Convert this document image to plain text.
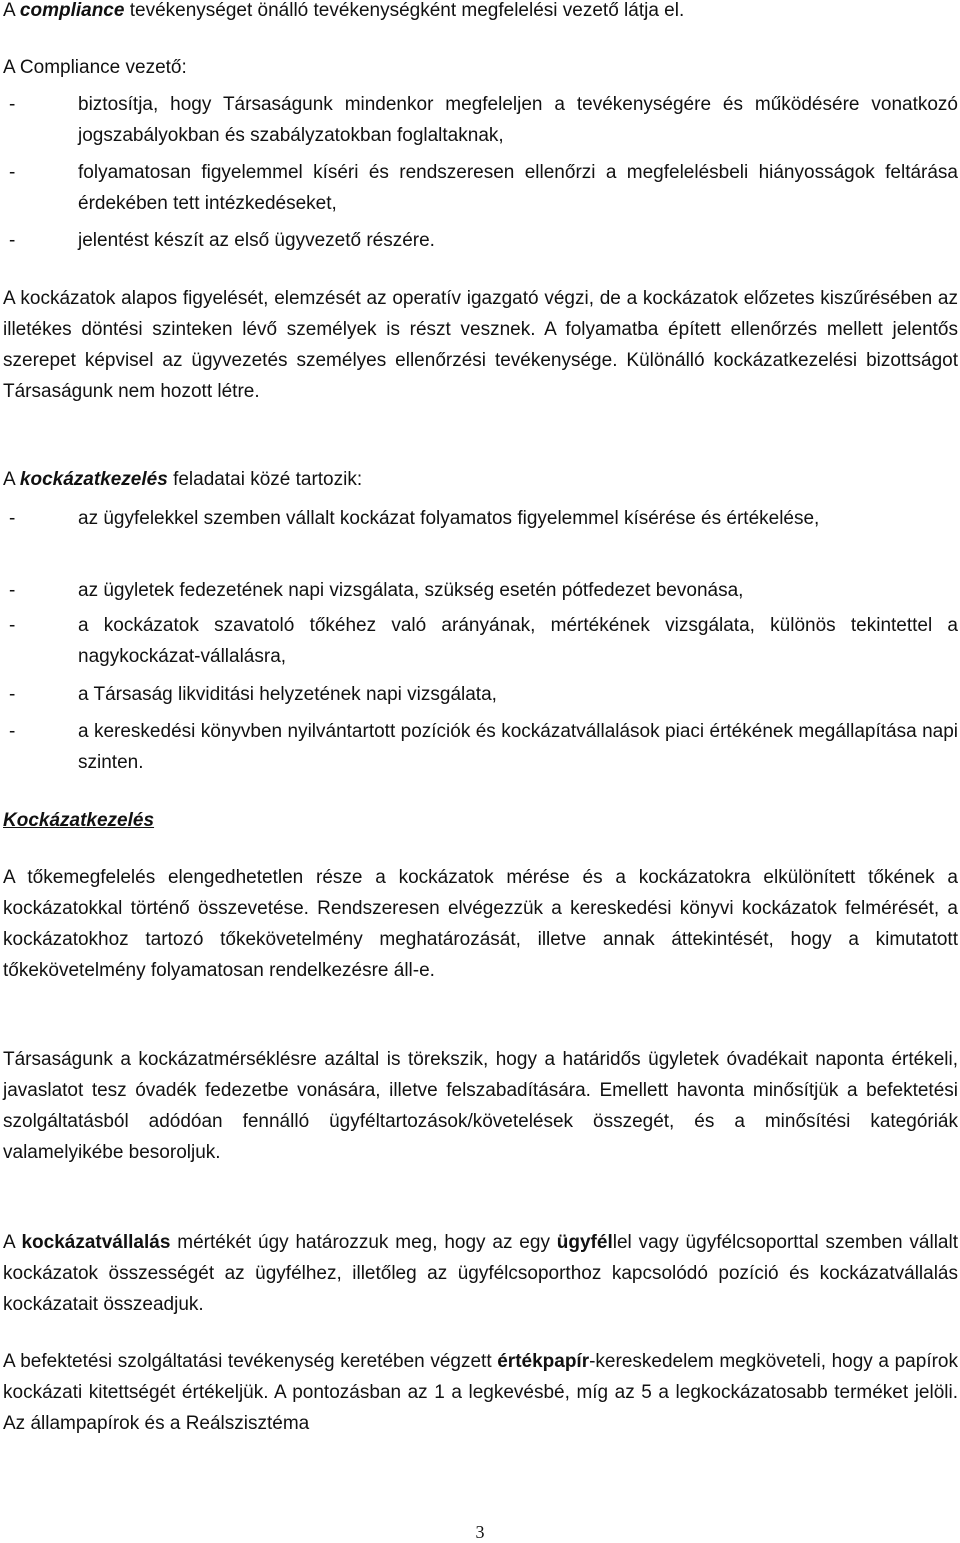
A compliance tevékenységet önálló tevékenységként megfelelési vezető látja el.

A Compliance vezető:

-	biztosítja, hogy Társaságunk mindenkor megfeleljen a tevékenységére és működésére vonatkozó jogszabályokban és szabályzatokban foglaltaknak,
-	folyamatosan figyelemmel kíséri és rendszeresen ellenőrzi a megfelelésbeli hiányosságok feltárása érdekében tett intézkedéseket,
-	jelentést készít az első ügyvezető részére.

A kockázatok alapos figyelését, elemzését az operatív igazgató végzi, de a kockázatok előzetes kiszűrésében az illetékes döntési szinteken lévő személyek is részt vesznek. A folyamatba épített ellenőrzés mellett jelentős szerepet képvisel az ügyvezetés személyes ellenőrzési tevékenysége. Különálló kockázatkezelési bizottságot Társaságunk nem hozott létre.

A kockázatkezelés feladatai közé tartozik:

-	az ügyfelekkel szemben vállalt kockázat folyamatos figyelemmel kísérése és értékelése,
-	az ügyletek fedezetének napi vizsgálata, szükség esetén pótfedezet bevonása,
-	a kockázatok szavatoló tőkéhez való arányának, mértékének vizsgálata, különös tekintettel a nagykockázat-vállalásra,
-	a Társaság likviditási helyzetének napi vizsgálata,
-	a kereskedési könyvben nyilvántartott pozíciók és kockázatvállalások piaci értékének megállapítása napi szinten.

Kockázatkezelés

A tőkemegfelelés elengedhetetlen része a kockázatok mérése és a kockázatokra elkülönített tőkének a kockázatokkal történő összevetése. Rendszeresen elvégezzük a kereskedési könyvi kockázatok felmérését, a kockázatokhoz tartozó tőkekövetelmény meghatározását, illetve annak áttekintését, hogy a kimutatott tőkekövetelmény folyamatosan rendelkezésre áll-e.

Társaságunk a kockázatmérséklésre azáltal is törekszik, hogy a határidős ügyletek óvadékait naponta értékeli, javaslatot tesz óvadék fedezetbe vonására, illetve felszabadítására. Emellett havonta minősítjük a befektetési szolgáltatásból adódóan fennálló ügyféltartozások/követelések összegét, és a minősítési kategóriák valamelyikébe besoroljuk.

A kockázatvállalás mértékét úgy határozzuk meg, hogy az egy ügyféllel vagy ügyfélcsoporttal szemben vállalt kockázatok összességét az ügyfélhez, illetőleg az ügyfélcsoporthoz kapcsolódó pozíció és kockázatvállalás kockázatait összeadjuk.

A befektetési szolgáltatási tevékenység keretében végzett értékpapír-kereskedelem megköveteli, hogy a papírok kockázati kitettségét értékeljük. A pontozásban az 1 a legkevésbé, míg az 5 a legkockázatosabb terméket jelöli. Az állampapírok és a Reálszisztéma

3
